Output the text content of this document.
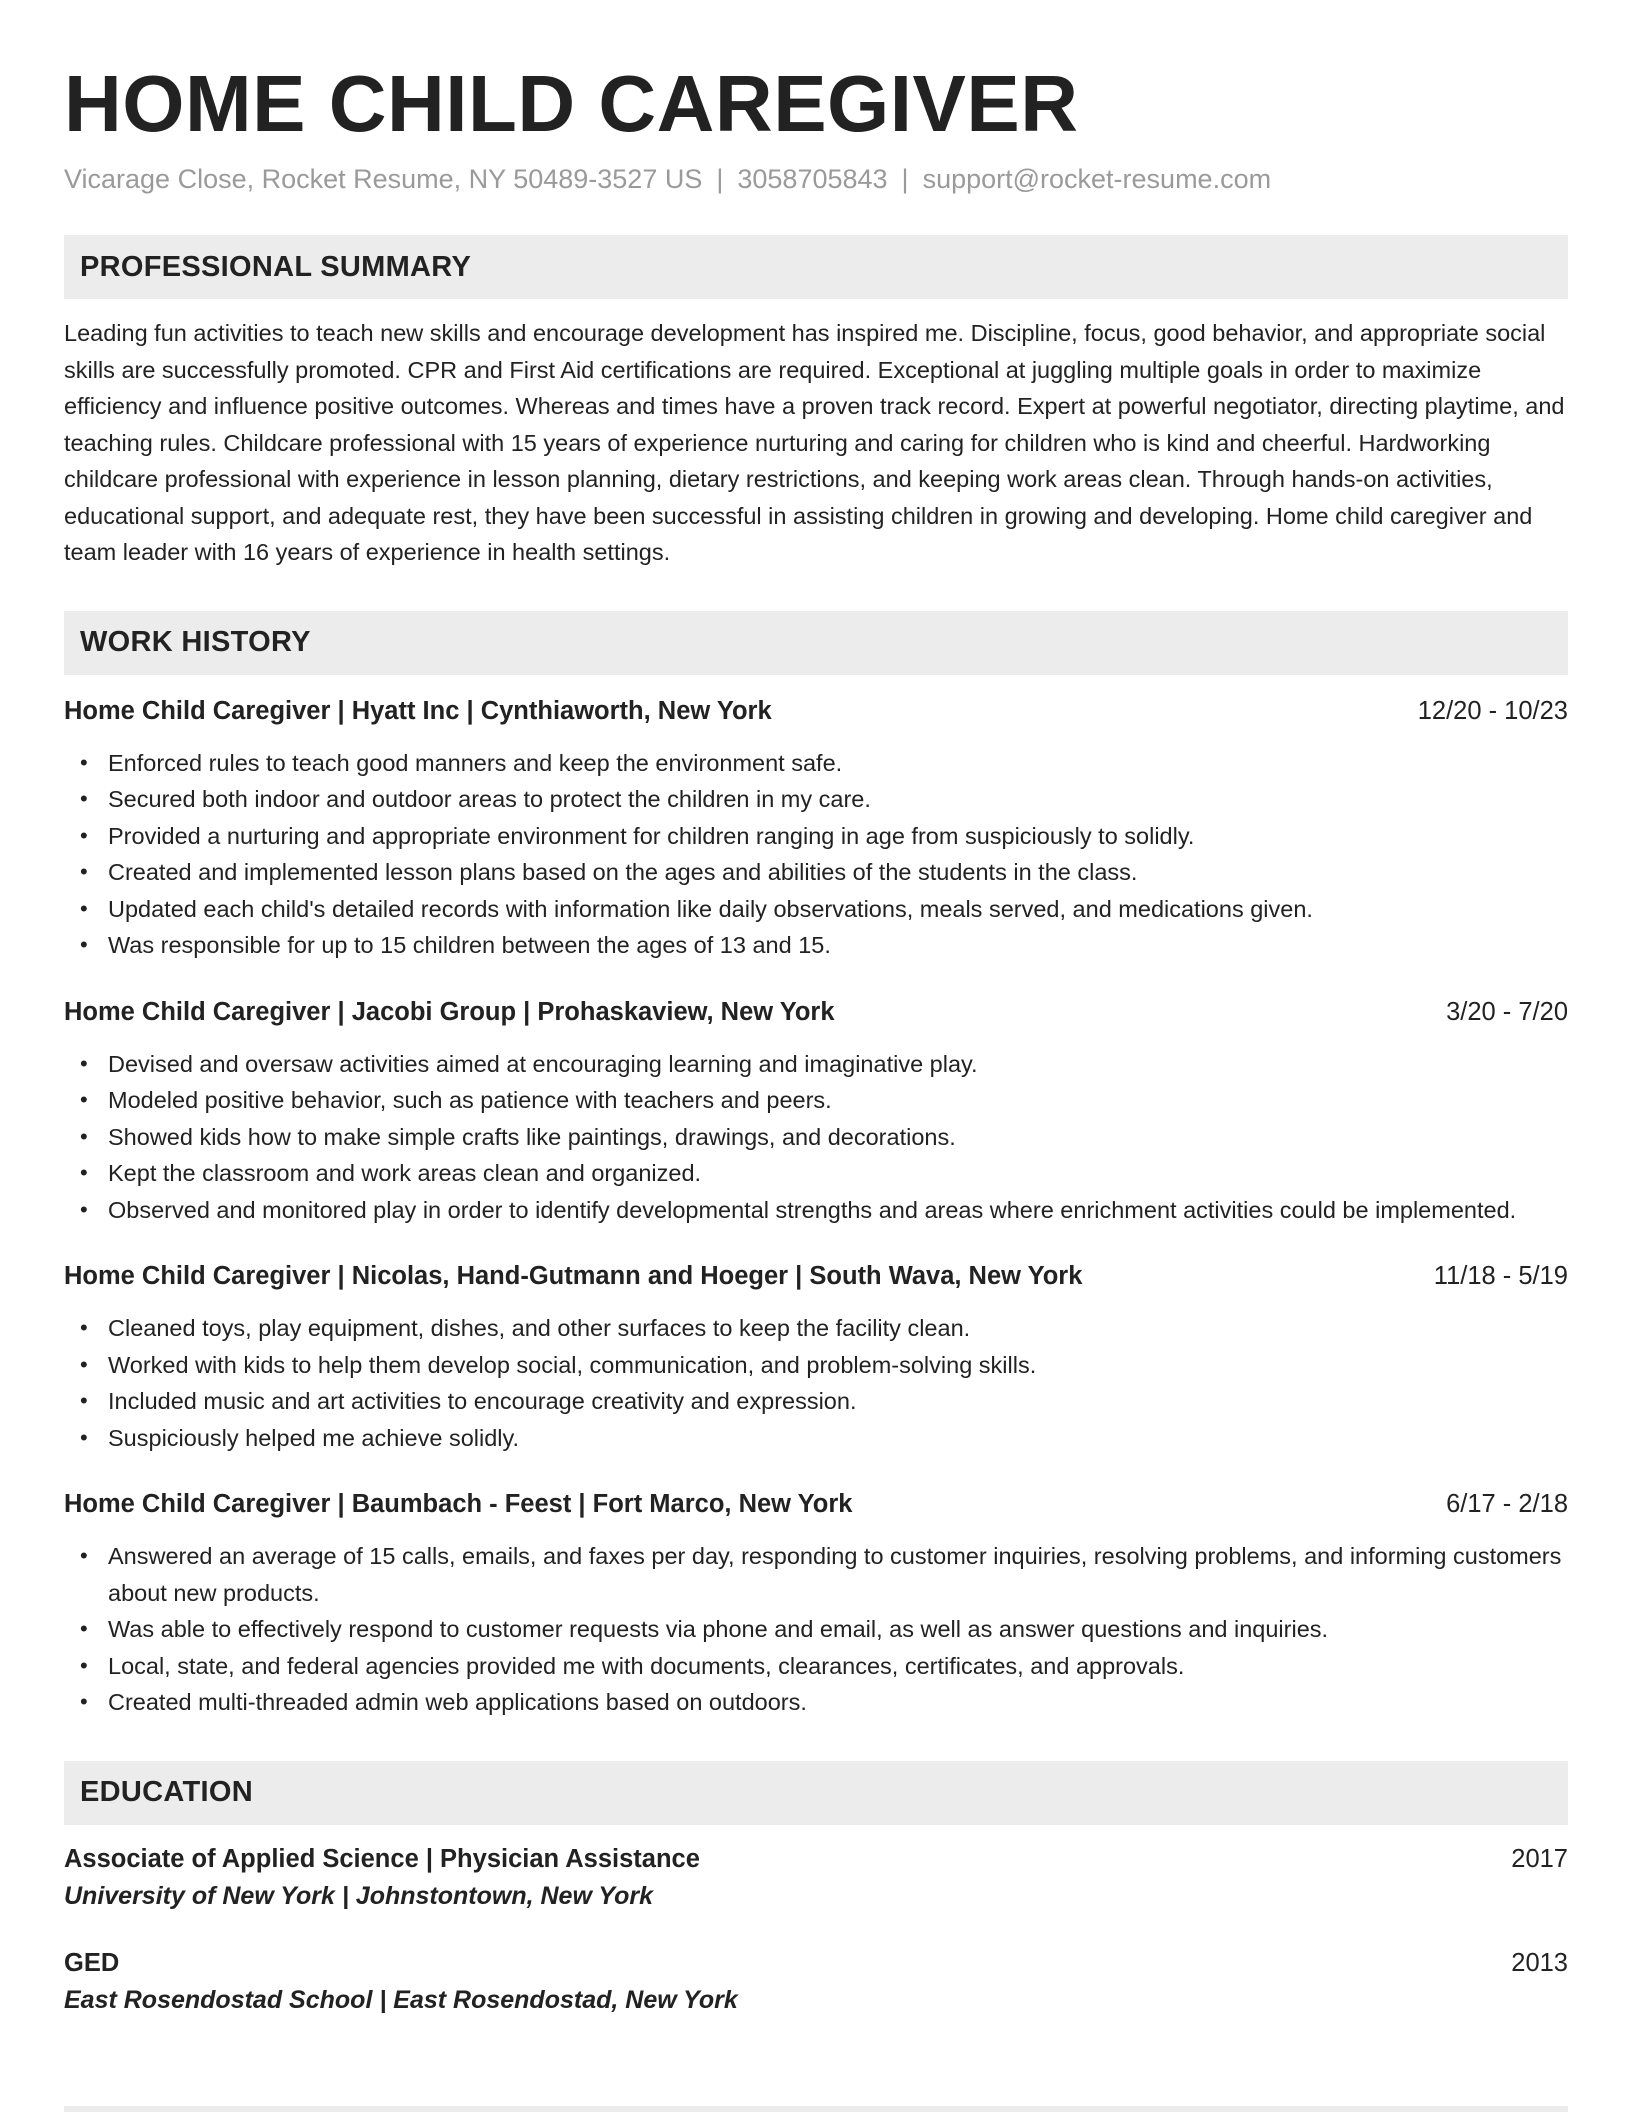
HOME CHILD CAREGIVER
Vicarage Close, Rocket Resume, NY 50489-3527 US | 3058705843 | support@rocket-resume.com
PROFESSIONAL SUMMARY
Leading fun activities to teach new skills and encourage development has inspired me. Discipline, focus, good behavior, and appropriate social skills are successfully promoted. CPR and First Aid certifications are required. Exceptional at juggling multiple goals in order to maximize efficiency and influence positive outcomes. Whereas and times have a proven track record. Expert at powerful negotiator, directing playtime, and teaching rules. Childcare professional with 15 years of experience nurturing and caring for children who is kind and cheerful. Hardworking childcare professional with experience in lesson planning, dietary restrictions, and keeping work areas clean. Through hands-on activities, educational support, and adequate rest, they have been successful in assisting children in growing and developing. Home child caregiver and team leader with 16 years of experience in health settings.
WORK HISTORY
Home Child Caregiver | Hyatt Inc | Cynthiaworth, New York	12/20 - 10/23
• Enforced rules to teach good manners and keep the environment safe.
• Secured both indoor and outdoor areas to protect the children in my care.
• Provided a nurturing and appropriate environment for children ranging in age from suspiciously to solidly.
• Created and implemented lesson plans based on the ages and abilities of the students in the class.
• Updated each child's detailed records with information like daily observations, meals served, and medications given.
• Was responsible for up to 15 children between the ages of 13 and 15.
Home Child Caregiver | Jacobi Group | Prohaskaview, New York	3/20 - 7/20
• Devised and oversaw activities aimed at encouraging learning and imaginative play.
• Modeled positive behavior, such as patience with teachers and peers.
• Showed kids how to make simple crafts like paintings, drawings, and decorations.
• Kept the classroom and work areas clean and organized.
• Observed and monitored play in order to identify developmental strengths and areas where enrichment activities could be implemented.
Home Child Caregiver | Nicolas, Hand-Gutmann and Hoeger | South Wava, New York	11/18 - 5/19
• Cleaned toys, play equipment, dishes, and other surfaces to keep the facility clean.
• Worked with kids to help them develop social, communication, and problem-solving skills.
• Included music and art activities to encourage creativity and expression.
• Suspiciously helped me achieve solidly.
Home Child Caregiver | Baumbach - Feest | Fort Marco, New York	6/17 - 2/18
• Answered an average of 15 calls, emails, and faxes per day, responding to customer inquiries, resolving problems, and informing customers about new products.
• Was able to effectively respond to customer requests via phone and email, as well as answer questions and inquiries.
• Local, state, and federal agencies provided me with documents, clearances, certificates, and approvals.
• Created multi-threaded admin web applications based on outdoors.
EDUCATION
Associate of Applied Science | Physician Assistance	2017
University of New York | Johnstontown, New York
GED	2013
East Rosendostad School | East Rosendostad, New York
